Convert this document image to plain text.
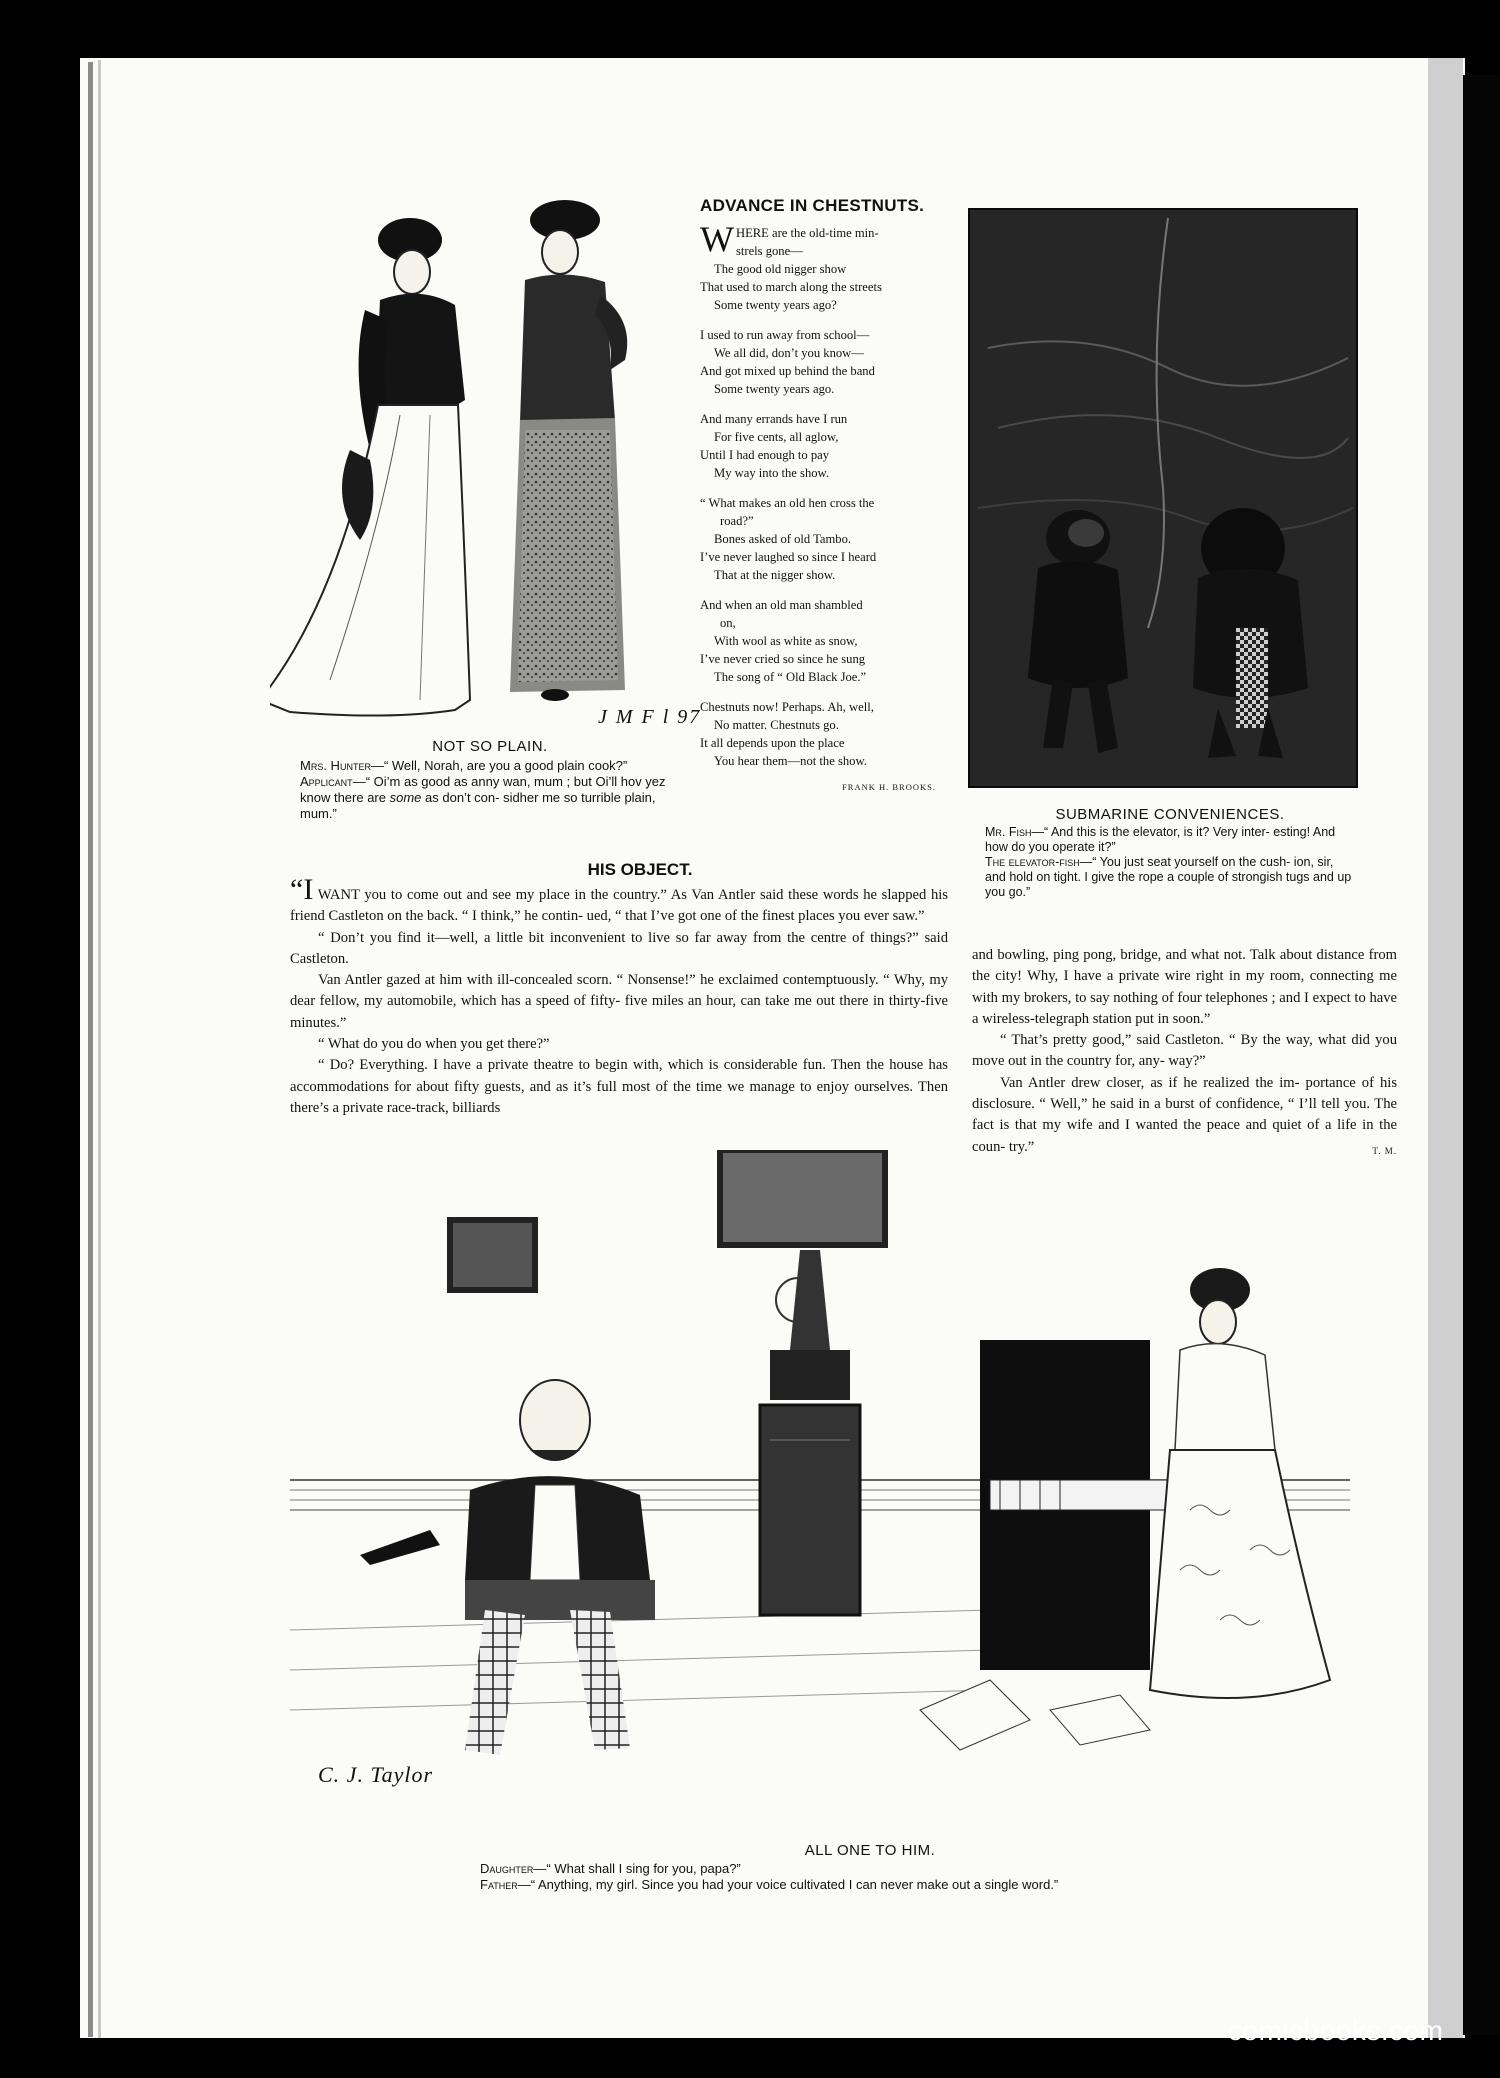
J M F l 97
NOT SO PLAIN.
Mrs. Hunter—“ Well, Norah, are you a good plain cook?”
Applicant—“ Oi’m as good as anny wan, mum ; but Oi’ll hov yez know there are some as don’t con- sidher me so turrible plain, mum.”
ADVANCE IN CHESTNUTS.
W HERE are the old-time min-
strels gone—
The good old nigger show
That used to march along the streets
Some twenty years ago?
I used to run away from school—
We all did, don’t you know—
And got mixed up behind the band
Some twenty years ago.
And many errands have I run
For five cents, all aglow,
Until I had enough to pay
My way into the show.
“ What makes an old hen cross the
road?”
Bones asked of old Tambo.
I’ve never laughed so since I heard
That at the nigger show.
And when an old man shambled
on,
With wool as white as snow,
I’ve never cried so since he sung
The song of “ Old Black Joe.”
Chestnuts now! Perhaps. Ah, well,
No matter. Chestnuts go.
It all depends upon the place
You hear them—not the show.
FRANK H. BROOKS.
SUBMARINE CONVENIENCES.
Mr. Fish—“ And this is the elevator, is it? Very inter- esting! And how do you operate it?”
The elevator-fish—“ You just seat yourself on the cush- ion, sir, and hold on tight. I give the rope a couple of strongish tugs and up you go.”
HIS OBJECT.

“I WANT you to come out and see my place in the country.” As Van Antler said these words he slapped his friend Castleton on the back. “ I think,” he contin- ued, “ that I’ve got one of the finest places you ever saw.”

“ Don’t you find it—well, a little bit inconvenient to live so far away from the centre of things?” said Castleton.

Van Antler gazed at him with ill-concealed scorn. “ Nonsense!” he exclaimed contemptuously. “ Why, my dear fellow, my automobile, which has a speed of fifty- five miles an hour, can take me out there in thirty-five minutes.”

“ What do you do when you get there?”

“ Do? Everything. I have a private theatre to begin with, which is considerable fun. Then the house has accommodations for about fifty guests, and as it’s full most of the time we manage to enjoy ourselves. Then there’s a private race-track, billiards

and bowling, ping pong, bridge, and what not. Talk about distance from the city! Why, I have a private wire right in my room, connecting me with my brokers, to say nothing of four telephones ; and I expect to have a wireless-telegraph station put in soon.”

“ That’s pretty good,” said Castleton. “ By the way, what did you move out in the country for, any- way?”

Van Antler drew closer, as if he realized the im- portance of his disclosure. “ Well,” he said in a burst of confidence, “ I’ll tell you. The fact is that my wife and I wanted the peace and quiet of a life in the coun- try.”	T. M.

C. J. Taylor
ALL ONE TO HIM.
Daughter—“ What shall I sing for you, papa?”
Father—“ Anything, my girl. Since you had your voice cultivated I can never make out a single word.”
comicbooks.com
